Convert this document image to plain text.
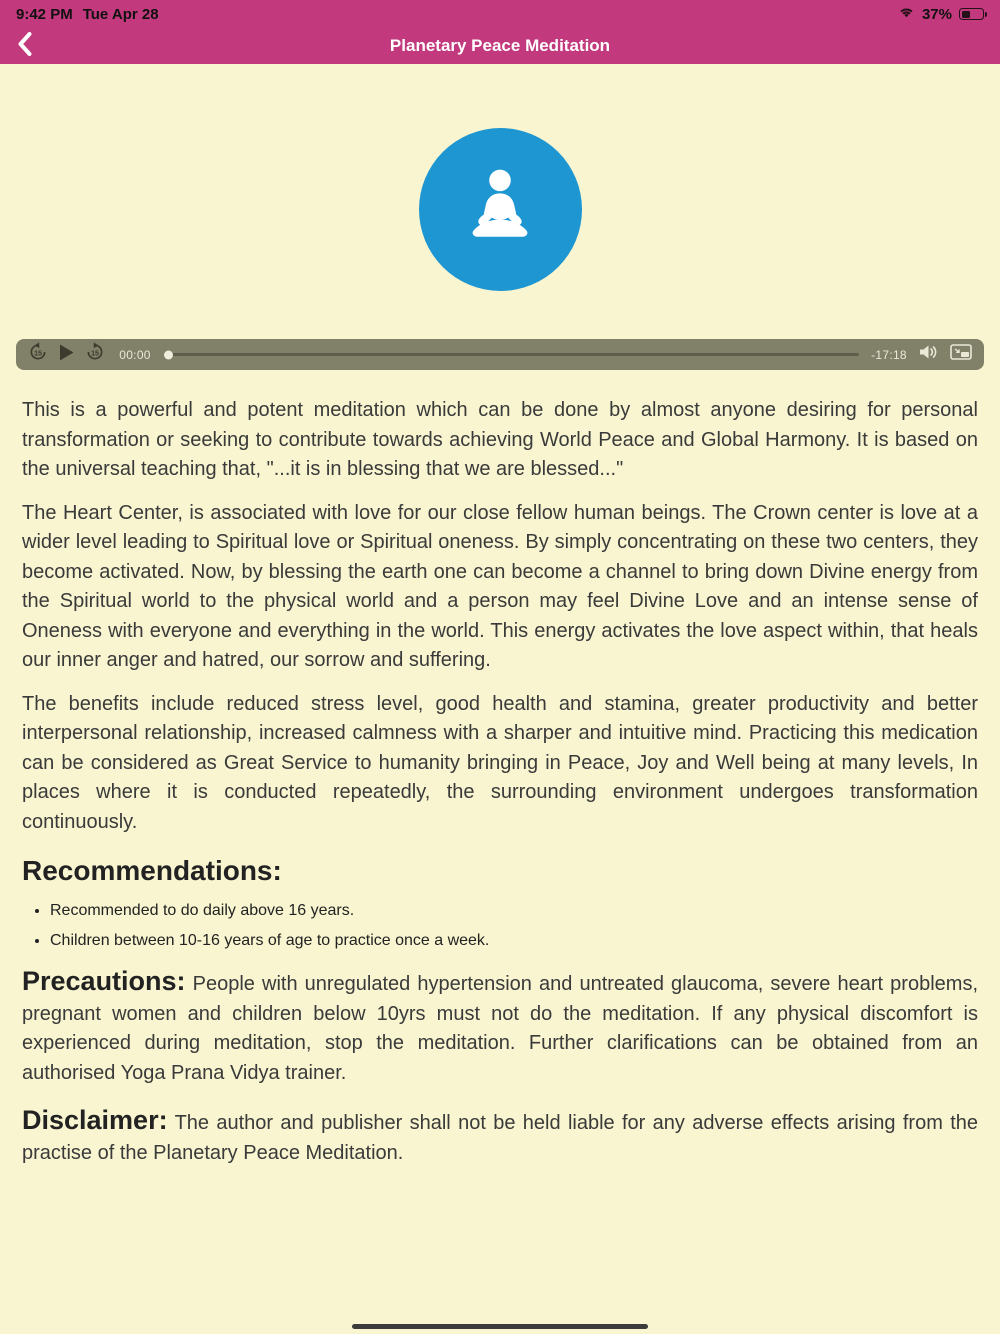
9:42 PM Tue Apr 28	37%
Planetary Peace Meditation
15	15 00:00	-17:18

This is a powerful and potent meditation which can be done by almost anyone desiring for personal transformation or seeking to contribute towards achieving World Peace and Global Harmony. It is based on the universal teaching that, "...it is in blessing that we are blessed..."

The Heart Center, is associated with love for our close fellow human beings. The Crown center is love at a wider level leading to Spiritual love or Spiritual oneness. By simply concentrating on these two centers, they become activated. Now, by blessing the earth one can become a channel to bring down Divine energy from the Spiritual world to the physical world and a person may feel Divine Love and an intense sense of Oneness with everyone and everything in the world. This energy activates the love aspect within, that heals our inner anger and hatred, our sorrow and suffering.

The benefits include reduced stress level, good health and stamina, greater productivity and better interpersonal relationship, increased calmness with a sharper and intuitive mind. Practicing this medication can be considered as Great Service to humanity bringing in Peace, Joy and Well being at many levels, In places where it is conducted repeatedly, the surrounding environment undergoes transformation continuously.

Recommendations:
• Recommended to do daily above 16 years.
• Children between 10-16 years of age to practice once a week.

Precautions: People with unregulated hypertension and untreated glaucoma, severe heart problems, pregnant women and children below 10yrs must not do the meditation. If any physical discomfort is experienced during meditation, stop the meditation. Further clarifications can be obtained from an authorised Yoga Prana Vidya trainer.

Disclaimer: The author and publisher shall not be held liable for any adverse effects arising from the practise of the Planetary Peace Meditation.
